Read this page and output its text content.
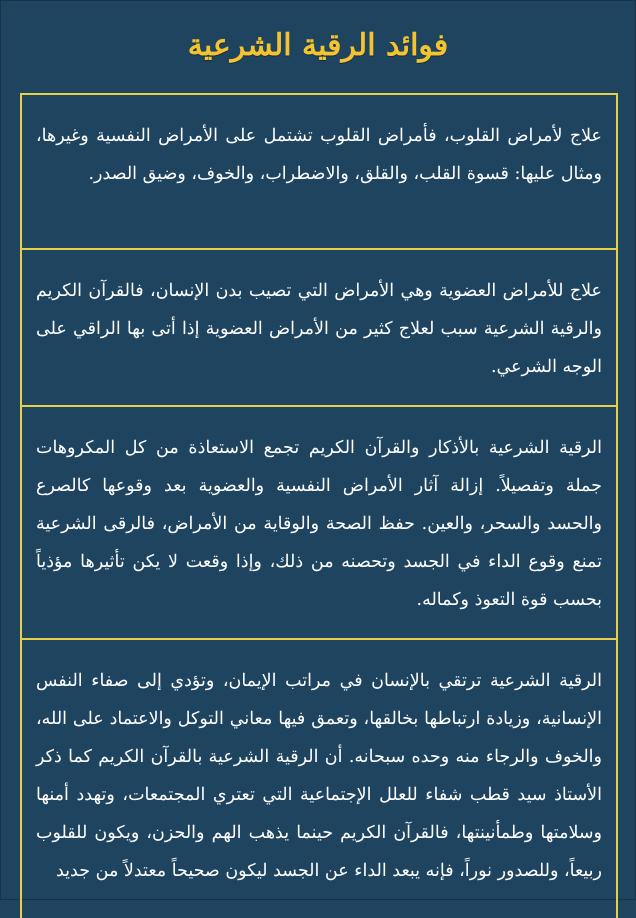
فوائد الرقية الشرعية

علاج لأمراض القلوب، فأمراض القلوب تشتمل على الأمراض النفسية وغيرها، ومثال عليها: قسوة القلب، والقلق، والاضطراب، والخوف، وضيق الصدر.

علاج للأمراض العضوية وهي الأمراض التي تصيب بدن الإنسان، فالقرآن الكريم والرقية الشرعية سبب لعلاج كثير من الأمراض العضوية إذا أتى بها الراقي على الوجه الشرعي.

الرقية الشرعية بالأذكار والقرآن الكريم تجمع الاستعاذة من كل المكروهات جملة وتفصيلاً. إزالة آثار الأمراض النفسية والعضوية بعد وقوعها كالصرع والحسد والسحر، والعين. حفظ الصحة والوقاية من الأمراض، فالرقى الشرعية تمنع وقوع الداء في الجسد وتحصنه من ذلك، وإذا وقعت لا يكن تأثيرها مؤذياً بحسب قوة التعوذ وكماله.

الرقية الشرعية ترتقي بالإنسان في مراتب الإيمان، وتؤدي إلى صفاء النفس الإنسانية، وزيادة ارتباطها بخالقها، وتعمق فيها معاني التوكل والاعتماد على الله، والخوف والرجاء منه وحده سبحانه. أن الرقية الشرعية بالقرآن الكريم كما ذكر الأستاذ سيد قطب شفاء للعلل الإجتماعية التي تعتري المجتمعات، وتهدد أمنها وسلامتها وطمأنينتها، فالقرآن الكريم حينما يذهب الهم والحزن، ويكون للقلوب ربيعاً، وللصدور نوراً، فإنه يبعد الداء عن الجسد ليكون صحيحاً معتدلاً من جديد
